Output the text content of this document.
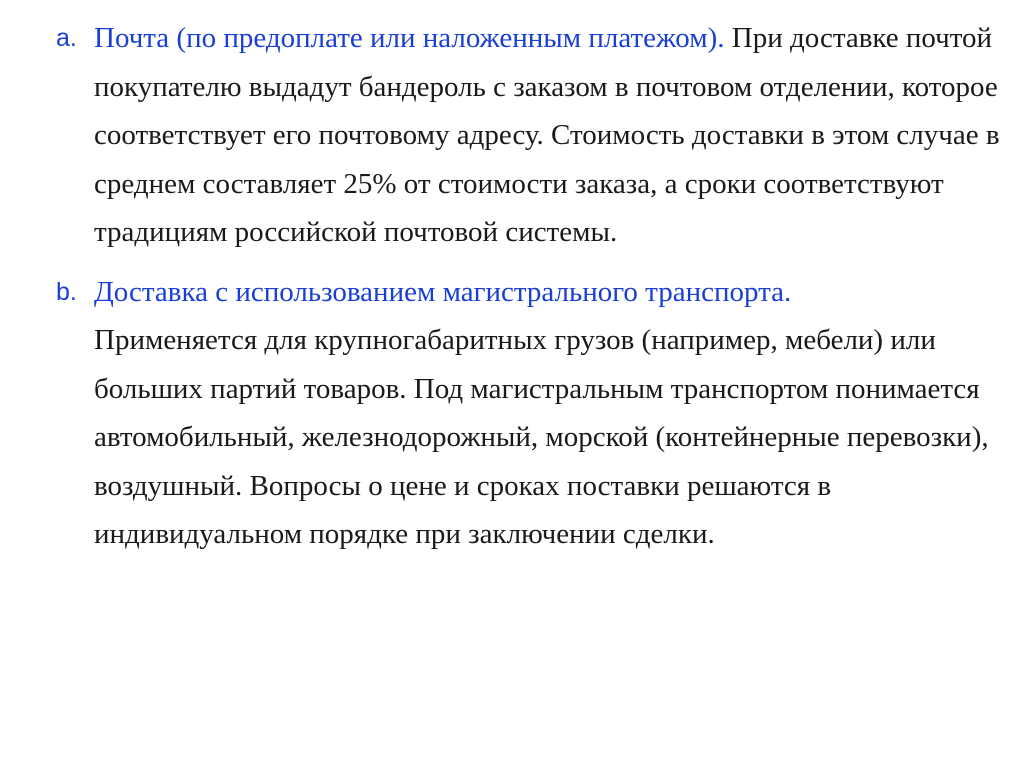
a. Почта (по предоплате или наложенным платежом). При доставке почтой покупателю выдадут бандероль с заказом в почтовом отделении, которое соответствует его почтовому адресу. Стоимость доставки в этом случае в среднем составляет 25% от стоимости заказа, а сроки соответствуют традициям российской почтовой системы.
b. Доставка с использованием магистрального транспорта.
Применяется для крупногабаритных грузов (например, мебели) или больших партий товаров. Под магистральным транспортом понимается автомобильный, железнодорожный, морской (контейнерные перевозки), воздушный. Вопросы о цене и сроках поставки решаются в индивидуальном порядке при заключении сделки.
